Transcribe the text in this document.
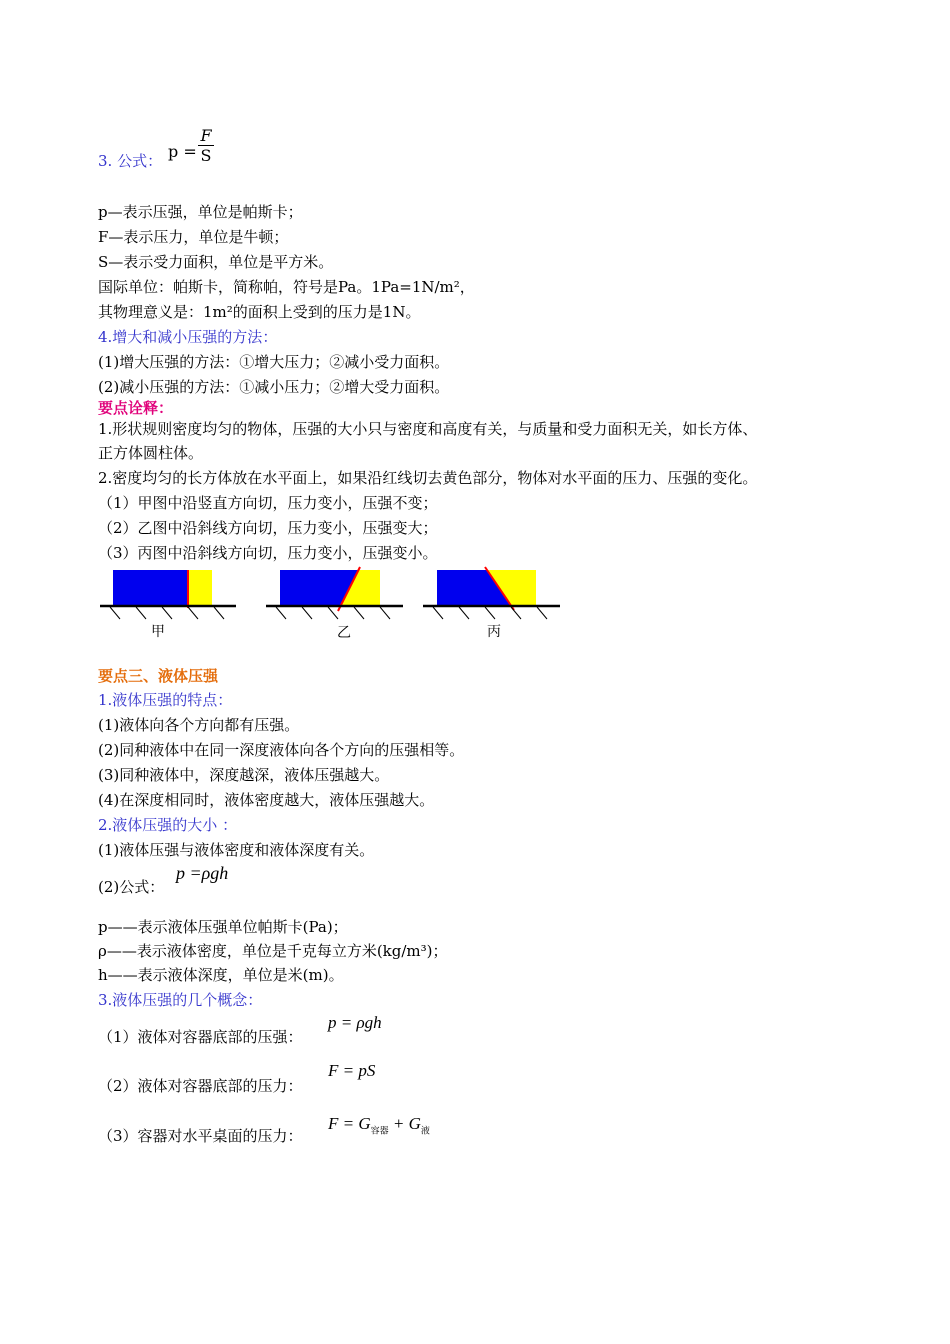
3. 公式： p =
F
S
p—表示压强，单位是帕斯卡；
F—表示压力，单位是牛顿；
S—表示受力面积，单位是平方米。
国际单位：帕斯卡，简称帕，符号是Pa。1Pa=1N/m²，
其物理意义是：1m²的面积上受到的压力是1N。
4.增大和减小压强的方法：
(1)增大压强的方法：①增大压力；②减小受力面积。
(2)减小压强的方法：①减小压力；②增大受力面积。
要点诠释：
1.形状规则密度均匀的物体，压强的大小只与密度和高度有关，与质量和受力面积无关，如长方体、
正方体圆柱体。
2.密度均匀的长方体放在水平面上，如果沿红线切去黄色部分，物体对水平面的压力、压强的变化。
（1）甲图中沿竖直方向切，压力变小，压强不变；
（2）乙图中沿斜线方向切，压力变小，压强变大；
（3）丙图中沿斜线方向切，压力变小，压强变小。
甲	乙	丙
要点三、液体压强
1.液体压强的特点：
(1)液体向各个方向都有压强。
(2)同种液体中在同一深度液体向各个方向的压强相等。
(3)同种液体中，深度越深，液体压强越大。
(4)在深度相同时，液体密度越大，液体压强越大。
2.液体压强的大小 ：
(1)液体压强与液体密度和液体深度有关。
(2)公式：
p =ρgh
p——表示液体压强单位帕斯卡(Pa)；
ρ——表示液体密度，单位是千克每立方米(kg/m³)；
h——表示液体深度，单位是米(m)。
3.液体压强的几个概念：
（1）液体对容器底部的压强：
p = ρgh
（2）液体对容器底部的压力：
F = pS
（3）容器对水平桌面的压力：
$F = G_{容器} + G_液$
